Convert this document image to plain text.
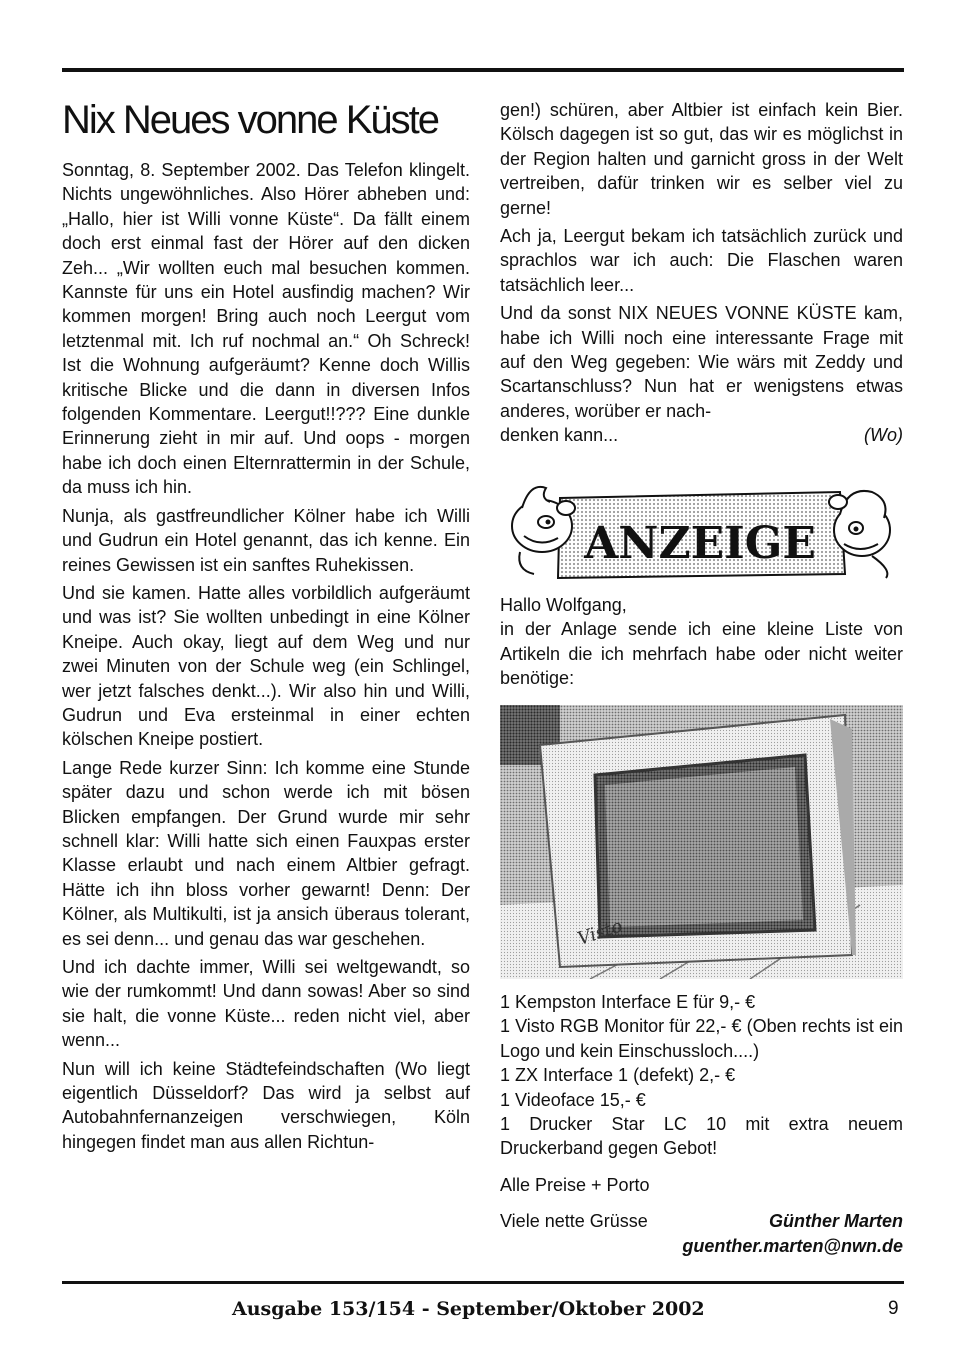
Nix Neues vonne Küste

Sonntag, 8. September 2002. Das Telefon klingelt. Nichts ungewöhnliches. Also Hörer abheben und: „Hallo, hier ist Willi vonne Küste“. Da fällt einem doch erst einmal fast der Hörer auf den dicken Zeh... „Wir wollten euch mal besuchen kommen. Kannste für uns ein Hotel ausfindig machen? Wir kommen morgen! Bring auch noch Leergut vom letztenmal mit. Ich ruf nochmal an.“ Oh Schreck! Ist die Wohnung aufgeräumt? Kenne doch Willis kritische Blicke und die dann in diversen Infos folgenden Kommentare. Leergut!!??? Eine dunkle Erinnerung zieht in mir auf. Und oops - morgen habe ich doch einen Elternrattermin in der Schule, da muss ich hin.

Nunja, als gastfreundlicher Kölner habe ich Willi und Gudrun ein Hotel genannt, das ich kenne. Ein reines Gewissen ist ein sanftes Ruhekissen.

Und sie kamen. Hatte alles vorbildlich aufgeräumt und was ist? Sie wollten unbedingt in eine Kölner Kneipe. Auch okay, liegt auf dem Weg und nur zwei Minuten von der Schule weg (ein Schlingel, wer jetzt falsches denkt...). Wir also hin und Willi, Gudrun und Eva ersteinmal in einer echten kölschen Kneipe postiert.

Lange Rede kurzer Sinn: Ich komme eine Stunde später dazu und schon werde ich mit bösen Blicken empfangen. Der Grund wurde mir sehr schnell klar: Willi hatte sich einen Fauxpas erster Klasse erlaubt und nach einem Altbier gefragt. Hätte ich ihn bloss vorher gewarnt! Denn: Der Kölner, als Multikulti, ist ja ansich überaus tolerant, es sei denn... und genau das war geschehen.

Und ich dachte immer, Willi sei weltgewandt, so wie der rumkommt! Und dann sowas! Aber so sind sie halt, die vonne Küste... reden nicht viel, aber wenn...

Nun will ich keine Städtefeindschaften (Wo liegt eigentlich Düsseldorf? Das wird ja selbst auf Autobahnfernanzeigen verschwiegen, Köln hingegen findet man aus allen Richtun-

gen!) schüren, aber Altbier ist einfach kein Bier. Kölsch dagegen ist so gut, das wir es möglichst in der Region halten und garnicht gross in der Welt vertreiben, dafür trinken wir es selber viel zu gerne!

Ach ja, Leergut bekam ich tatsächlich zurück und sprachlos war ich auch: Die Flaschen waren tatsächlich leer...

Und da sonst NIX NEUES VONNE KÜSTE kam, habe ich Willi noch eine interessante Frage mit auf den Weg gegeben: Wie wärs mit Zeddy und Scartanschluss? Nun hat er wenigstens etwas anderes, worüber er nach-

denken kann...	(Wo)
ANZEIGE

Hallo Wolfgang,

in der Anlage sende ich eine kleine Liste von Artikeln die ich mehrfach habe oder nicht weiter benötige:

Visto

1 Kempston Interface E für 9,- €

1 Visto RGB Monitor für 22,- € (Oben rechts ist ein Logo und kein Einschussloch....)

1 ZX Interface 1 (defekt) 2,- €

1 Videoface 15,- €

1 Drucker Star LC 10 mit extra neuem Druckerband gegen Gebot!

Alle Preise + Porto

Viele nette Grüsse	Günther Marten
guenther.marten@nwn.de
Ausgabe 153/154 - September/Oktober 2002	9
